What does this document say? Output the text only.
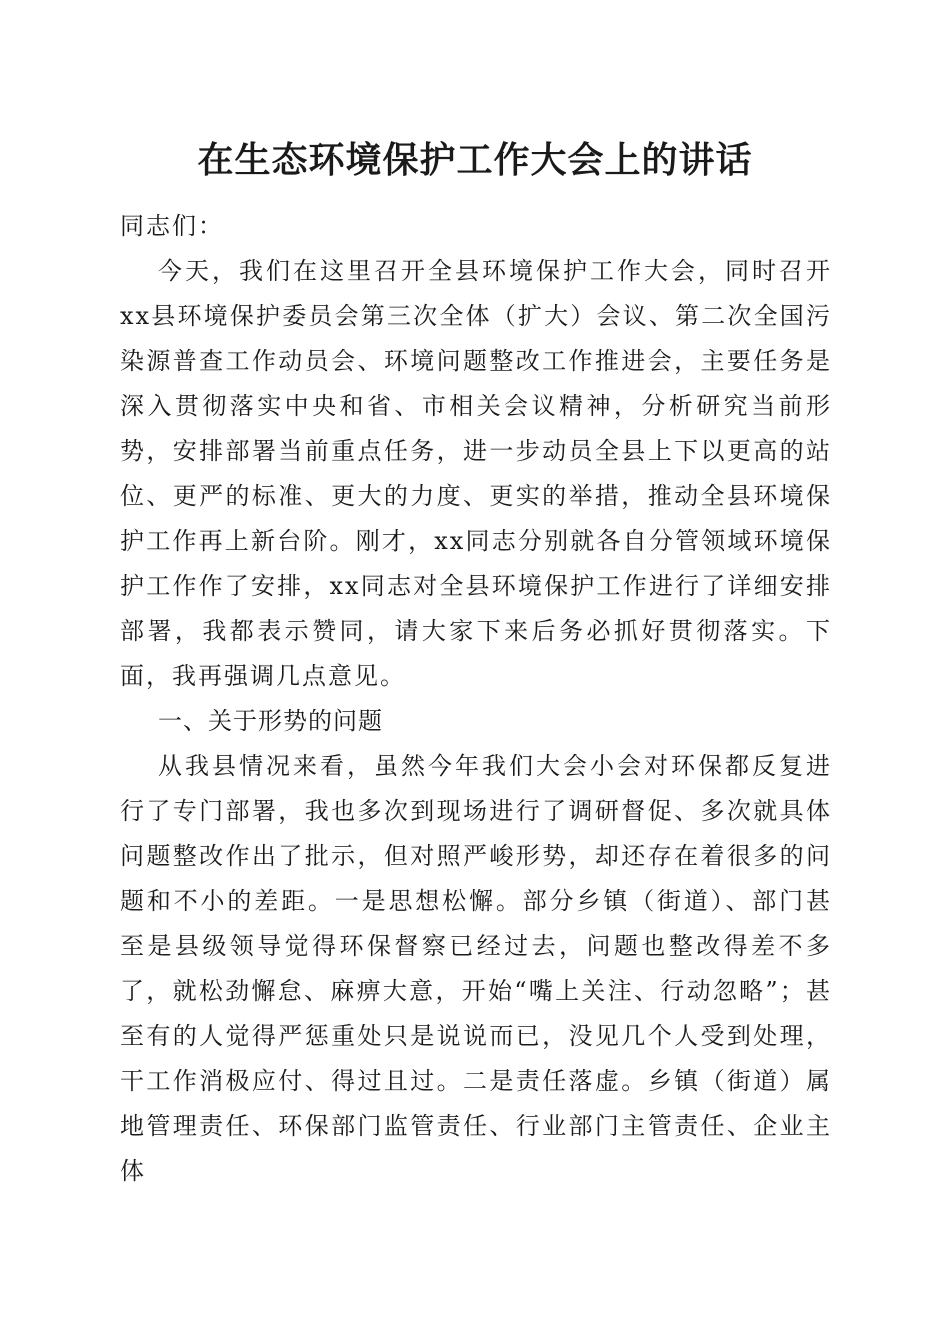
在生态环境保护工作大会上的讲话

同志们：

今天，我们在这里召开全县环境保护工作大会，同时召开xx县环境保护委员会第三次全体（扩大）会议、第二次全国污染源普查工作动员会、环境问题整改工作推进会，主要任务是深入贯彻落实中央和省、市相关会议精神，分析研究当前形势，安排部署当前重点任务，进一步动员全县上下以更高的站位、更严的标准、更大的力度、更实的举措，推动全县环境保护工作再上新台阶。刚才，xx同志分别就各自分管领域环境保护工作作了安排，xx同志对全县环境保护工作进行了详细安排部署，我都表示赞同，请大家下来后务必抓好贯彻落实。下面，我再强调几点意见。

一、关于形势的问题

从我县情况来看，虽然今年我们大会小会对环保都反复进行了专门部署，我也多次到现场进行了调研督促、多次就具体问题整改作出了批示，但对照严峻形势，却还存在着很多的问题和不小的差距。一是思想松懈。部分乡镇（街道）、部门甚至是县级领导觉得环保督察已经过去，问题也整改得差不多了，就松劲懈怠、麻痹大意，开始“嘴上关注、行动忽略”；甚至有的人觉得严惩重处只是说说而已，没见几个人受到处理，干工作消极应付、得过且过。二是责任落虚。乡镇（街道）属地管理责任、环保部门监管责任、行业部门主管责任、企业主体
